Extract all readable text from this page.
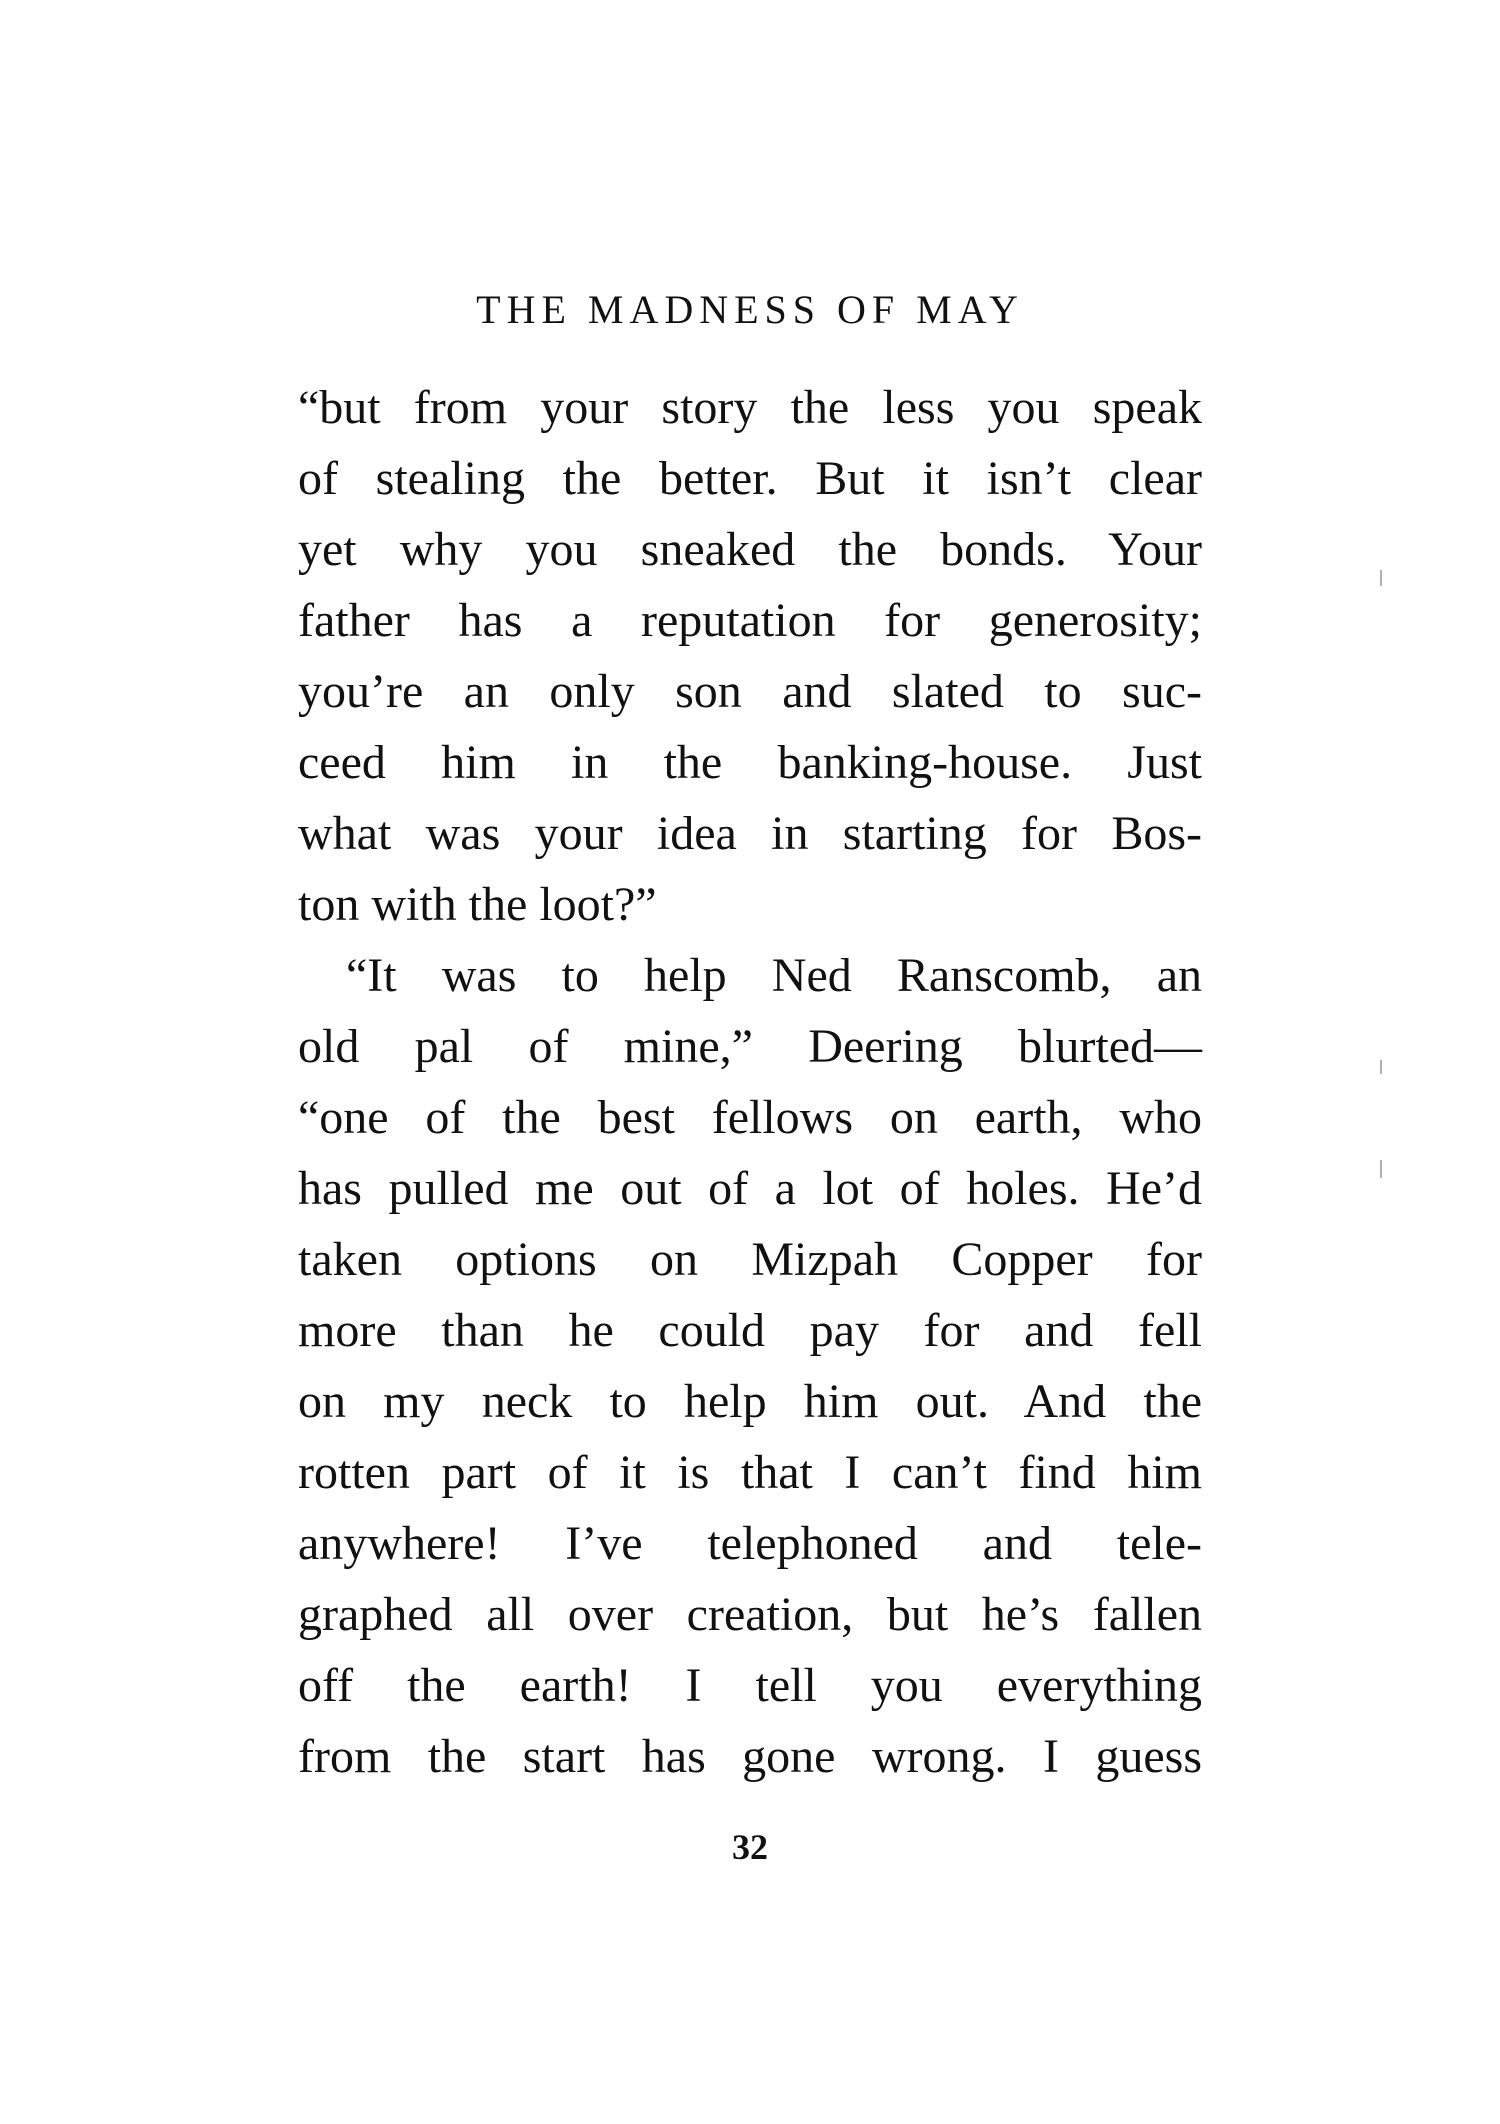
THE MADNESS OF MAY
“but from your story the less you speak
of stealing the better. But it isn’t clear
yet why you sneaked the bonds. Your
father has a reputation for generosity;
you’re an only son and slated to suc-
ceed him in the banking-house. Just
what was your idea in starting for Bos-
ton with the loot?”
“It was to help Ned Ranscomb, an
old pal of mine,” Deering blurted—
“one of the best fellows on earth, who
has pulled me out of a lot of holes. He’d
taken options on Mizpah Copper for
more than he could pay for and fell
on my neck to help him out. And the
rotten part of it is that I can’t find him
anywhere! I’ve telephoned and tele-
graphed all over creation, but he’s fallen
off the earth! I tell you everything
from the start has gone wrong. I guess
32
